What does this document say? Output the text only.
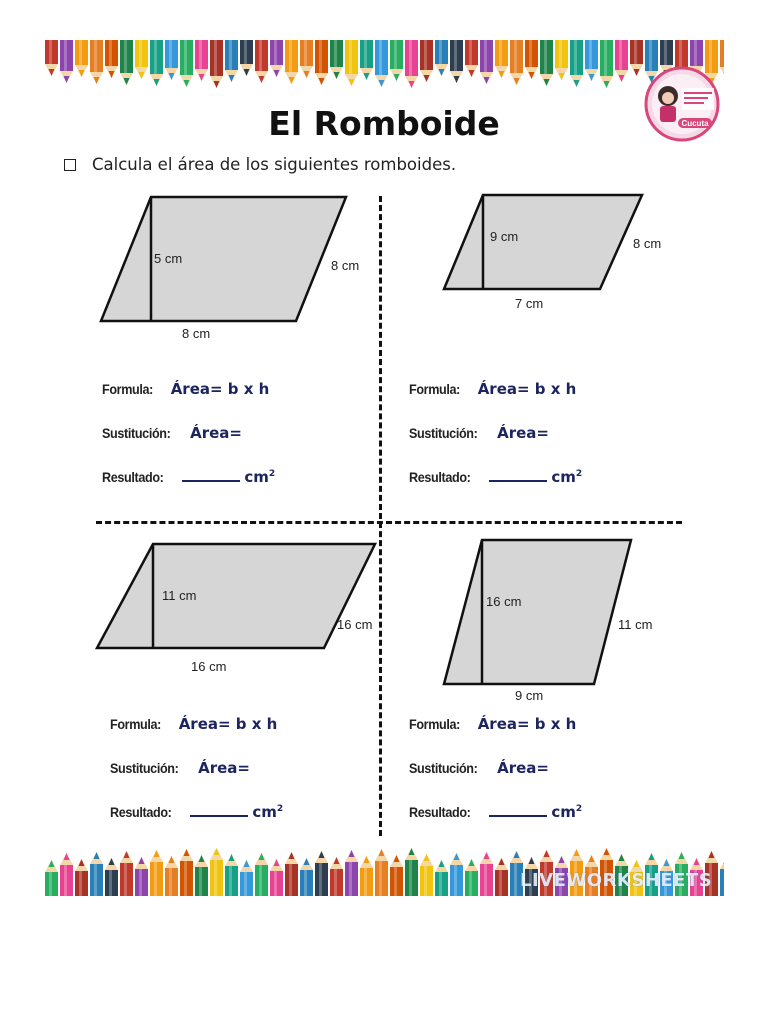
Cucuta
El Romboide
Calcula el área de los siguientes romboides.
5 cm	8 cm
8 cm
9 cm	8 cm
7 cm
11 cm
16 cm
16 cm
16 cm
11 cm
9 cm
Formula: Área= b x h
Sustitución: Área=
Resultado:	$cm^2$
Formula: Área= b x h
Sustitución: Área=
Resultado:	$cm^2$
Formula: Área= b x h
Sustitución: Área=
Resultado:	$cm^2$
Formula: Área= b x h
Sustitución: Área=
Resultado:	$cm^2$
LIVEWORKSHEETS
